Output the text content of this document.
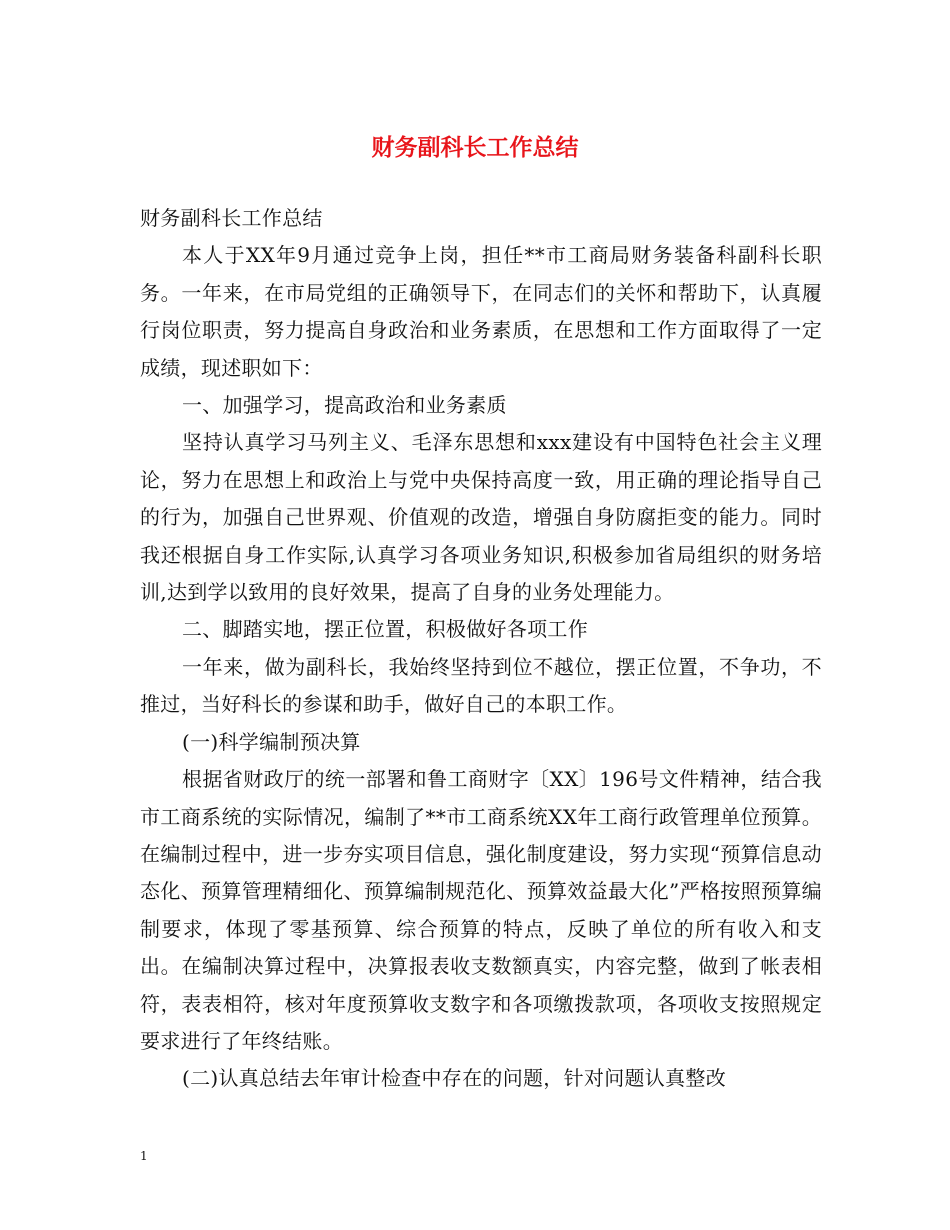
财务副科长工作总结

财务副科长工作总结

本人于XX年9月通过竞争上岗，担任**市工商局财务装备科副科长职务。一年来，在市局党组的正确领导下，在同志们的关怀和帮助下，认真履行岗位职责，努力提高自身政治和业务素质，在思想和工作方面取得了一定成绩，现述职如下：

一、加强学习，提高政治和业务素质

坚持认真学习马列主义、毛泽东思想和xxx建设有中国特色社会主义理论，努力在思想上和政治上与党中央保持高度一致，用正确的理论指导自己的行为，加强自己世界观、价值观的改造，增强自身防腐拒变的能力。同时我还根据自身工作实际,认真学习各项业务知识,积极参加省局组织的财务培训,达到学以致用的良好效果，提高了自身的业务处理能力。

二、脚踏实地，摆正位置，积极做好各项工作

一年来，做为副科长，我始终坚持到位不越位，摆正位置，不争功，不推过，当好科长的参谋和助手，做好自己的本职工作。

(一)科学编制预决算

根据省财政厅的统一部署和鲁工商财字〔XX〕196号文件精神，结合我市工商系统的实际情况，编制了**市工商系统XX年工商行政管理单位预算。在编制过程中，进一步夯实项目信息，强化制度建设，努力实现“预算信息动态化、预算管理精细化、预算编制规范化、预算效益最大化”严格按照预算编制要求，体现了零基预算、综合预算的特点，反映了单位的所有收入和支出。在编制决算过程中，决算报表收支数额真实，内容完整，做到了帐表相符，表表相符，核对年度预算收支数字和各项缴拨款项，各项收支按照规定要求进行了年终结账。

(二)认真总结去年审计检查中存在的问题，针对问题认真整改

1
